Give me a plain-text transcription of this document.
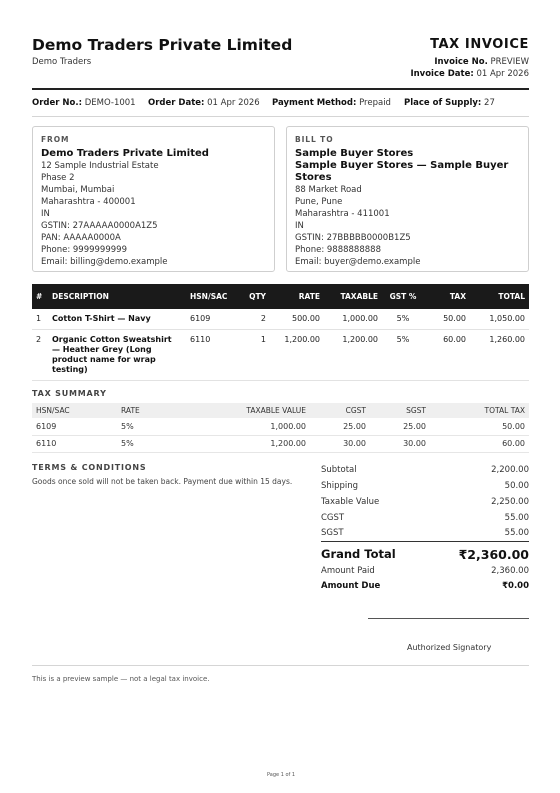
Demo Traders Private Limited
Demo Traders
TAX INVOICE
Invoice No. PREVIEW
Invoice Date: 01 Apr 2026
Order No.: DEMO-1001 Order Date: 01 Apr 2026 Payment Method: Prepaid Place of Supply: 27
FROM
Demo Traders Private Limited
12 Sample Industrial Estate
Phase 2
Mumbai, Mumbai
Maharashtra - 400001
IN
GSTIN: 27AAAAA0000A1Z5
PAN: AAAAA0000A
Phone: 9999999999
Email: billing@demo.example
BILL TO
Sample Buyer Stores
Sample Buyer Stores — Sample Buyer Stores
88 Market Road
Pune, Pune
Maharashtra - 411001
IN
GSTIN: 27BBBBB0000B1Z5
Phone: 9888888888
Email: buyer@demo.example
#	DESCRIPTION	HSN/SAC	QTY	RATE	TAXABLE	GST %	TAX	TOTAL
1	Cotton T-Shirt — Navy	6109	2	500.00	1,000.00	5%	50.00	1,050.00
2	Organic Cotton Sweatshirt — Heather Grey (Long product name for wrap testing)	6110	1	1,200.00	1,200.00	5%	60.00	1,260.00
TAX SUMMARY
HSN/SAC	RATE	TAXABLE VALUE	CGST	SGST	TOTAL TAX
6109	5%	1,000.00	25.00	25.00	50.00
6110	5%	1,200.00	30.00	30.00	60.00
TERMS & CONDITIONS
Goods once sold will not be taken back. Payment due within 15 days.
Subtotal	2,200.00
Shipping	50.00
Taxable Value	2,250.00
CGST	55.00
SGST	55.00
Grand Total	₹2,360.00
Amount Paid	2,360.00
Amount Due	₹0.00
Authorized Signatory
This is a preview sample — not a legal tax invoice.
Page 1 of 1
